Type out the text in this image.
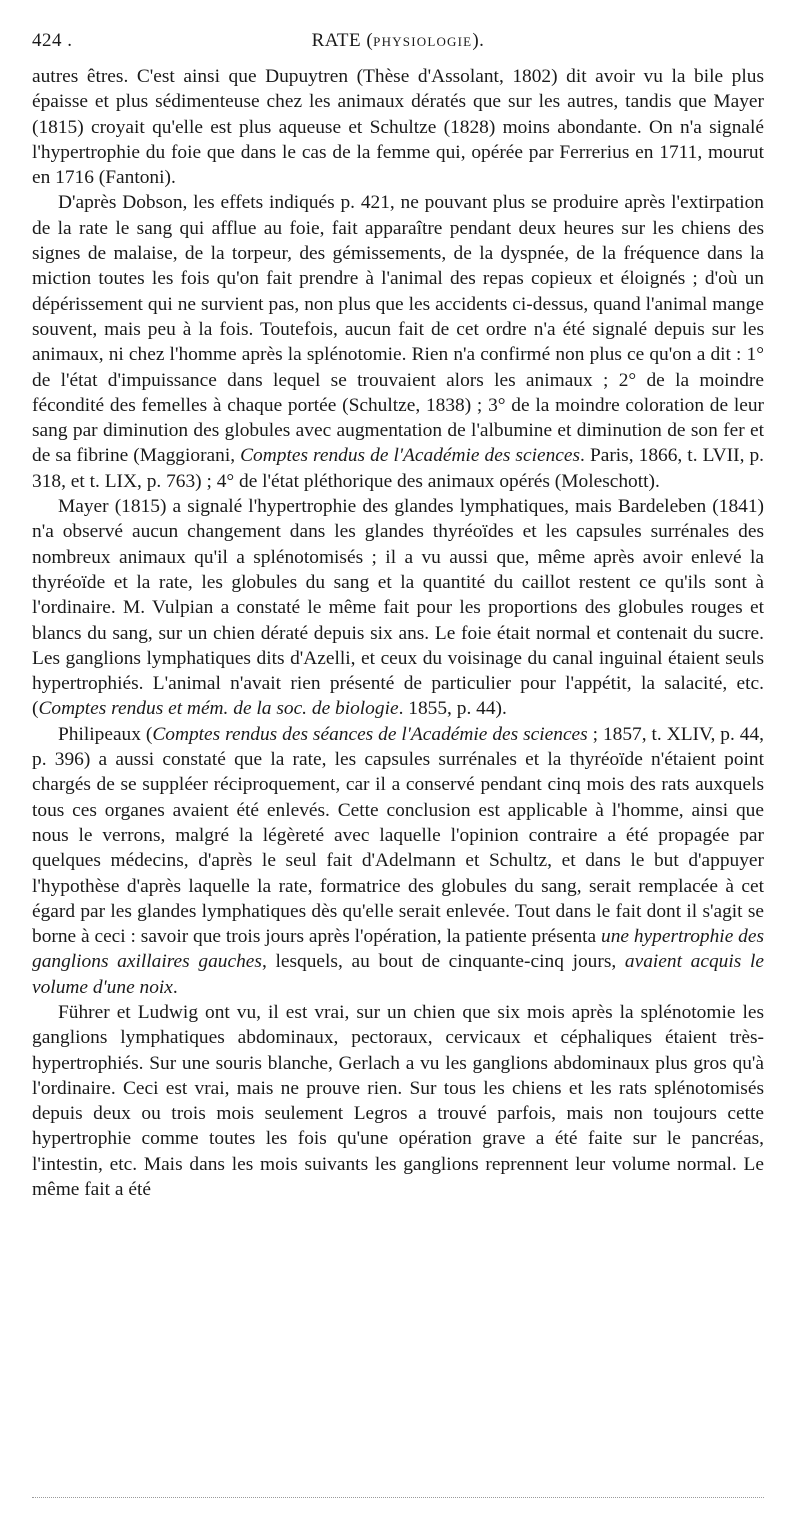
424 .	RATE (PHYSIOLOGIE).

autres êtres. C'est ainsi que Dupuytren (Thèse d'Assolant, 1802) dit avoir vu la bile plus épaisse et plus sédimenteuse chez les animaux dératés que sur les autres, tandis que Mayer (1815) croyait qu'elle est plus aqueuse et Schultze (1828) moins abondante. On n'a signalé l'hypertrophie du foie que dans le cas de la femme qui, opérée par Ferrerius en 1711, mourut en 1716 (Fantoni).

D'après Dobson, les effets indiqués p. 421, ne pouvant plus se produire après l'extirpation de la rate le sang qui afflue au foie, fait apparaître pendant deux heures sur les chiens des signes de malaise, de la torpeur, des gémissements, de la dyspnée, de la fréquence dans la miction toutes les fois qu'on fait prendre à l'animal des repas copieux et éloignés ; d'où un dépérissement qui ne survient pas, non plus que les accidents ci-dessus, quand l'animal mange souvent, mais peu à la fois. Toutefois, aucun fait de cet ordre n'a été signalé depuis sur les animaux, ni chez l'homme après la splénotomie. Rien n'a confirmé non plus ce qu'on a dit : 1° de l'état d'impuissance dans lequel se trouvaient alors les animaux ; 2° de la moindre fécondité des femelles à chaque portée (Schultze, 1838) ; 3° de la moindre coloration de leur sang par diminution des globules avec augmentation de l'albumine et diminution de son fer et de sa fibrine (Maggiorani, Comptes rendus de l'Académie des sciences. Paris, 1866, t. LVII, p. 318, et t. LIX, p. 763) ; 4° de l'état pléthorique des animaux opérés (Moleschott).

Mayer (1815) a signalé l'hypertrophie des glandes lymphatiques, mais Bardeleben (1841) n'a observé aucun changement dans les glandes thyréoïdes et les capsules surrénales des nombreux animaux qu'il a splénotomisés ; il a vu aussi que, même après avoir enlevé la thyréoïde et la rate, les globules du sang et la quantité du caillot restent ce qu'ils sont à l'ordinaire. M. Vulpian a constaté le même fait pour les proportions des globules rouges et blancs du sang, sur un chien dératé depuis six ans. Le foie était normal et contenait du sucre. Les ganglions lymphatiques dits d'Azelli, et ceux du voisinage du canal inguinal étaient seuls hypertrophiés. L'animal n'avait rien présenté de particulier pour l'appétit, la salacité, etc. (Comptes rendus et mém. de la soc. de biologie. 1855, p. 44).

Philipeaux (Comptes rendus des séances de l'Académie des sciences ; 1857, t. XLIV, p. 44, p. 396) a aussi constaté que la rate, les capsules surrénales et la thyréoïde n'étaient point chargés de se suppléer réciproquement, car il a conservé pendant cinq mois des rats auxquels tous ces organes avaient été enlevés. Cette conclusion est applicable à l'homme, ainsi que nous le verrons, malgré la légèreté avec laquelle l'opinion contraire a été propagée par quelques médecins, d'après le seul fait d'Adelmann et Schultz, et dans le but d'appuyer l'hypothèse d'après laquelle la rate, formatrice des globules du sang, serait remplacée à cet égard par les glandes lymphatiques dès qu'elle serait enlevée. Tout dans le fait dont il s'agit se borne à ceci : savoir que trois jours après l'opération, la patiente présenta une hypertrophie des ganglions axillaires gauches, lesquels, au bout de cinquante-cinq jours, avaient acquis le volume d'une noix.

Führer et Ludwig ont vu, il est vrai, sur un chien que six mois après la splénotomie les ganglions lymphatiques abdominaux, pectoraux, cervicaux et céphaliques étaient très-hypertrophiés. Sur une souris blanche, Gerlach a vu les ganglions abdominaux plus gros qu'à l'ordinaire. Ceci est vrai, mais ne prouve rien. Sur tous les chiens et les rats splénotomisés depuis deux ou trois mois seulement Legros a trouvé parfois, mais non toujours cette hypertrophie comme toutes les fois qu'une opération grave a été faite sur le pancréas, l'intestin, etc. Mais dans les mois suivants les ganglions reprennent leur volume normal. Le même fait a été
